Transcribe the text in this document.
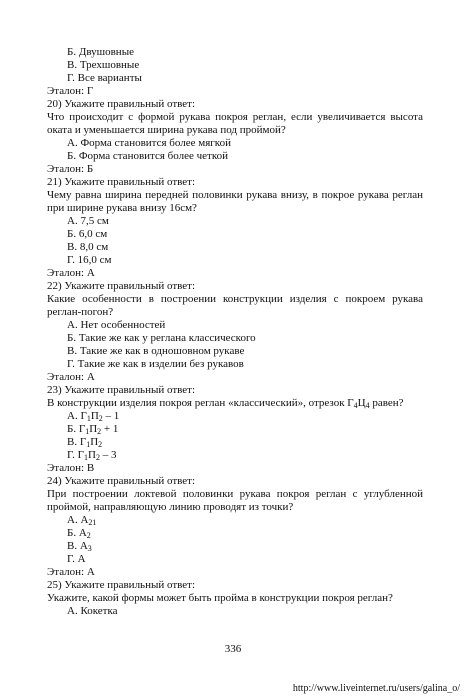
Б. Двушовные
В. Трехшовные
Г. Все варианты
Эталон: Г
20) Укажите правильный ответ:
Что происходит с формой рукава покроя реглан, если увеличивается высота оката и уменьшается ширина рукава под проймой?
А. Форма становится более мягкой
Б. Форма становится более четкой
Эталон: Б
21) Укажите правильный ответ:
Чему равна ширина передней половинки рукава внизу, в покрое рукава реглан при ширине рукава внизу 16см?
А. 7,5 см
Б. 6,0 см
В. 8,0 см
Г. 16,0 см
Эталон: А
22) Укажите правильный ответ:
Какие особенности в построении конструкции изделия с покроем рукава реглан-погон?
А. Нет особенностей
Б. Такие же как у реглана классического
В. Такие же как в одношовном рукаве
Г. Такие же как в изделии без рукавов
Эталон: А
23) Укажите правильный ответ:
В конструкции изделия покроя реглан «классический», отрезок $Г_4Ц_4$ равен?
А. $Г_1П_2 - 1$
Б. $Г_1П_2 + 1$
В. $Г_1П_2$
Г. $Г_1П_2 - 3$
Эталон: В
24) Укажите правильный ответ:
При построении локтевой половинки рукава покроя реглан с углубленной проймой, направляющую линию проводят из точки?
А. $А_{21}$
Б. $А_2$
В. $А_3$
Г. А
Эталон: А
25) Укажите правильный ответ:
Укажите, какой формы может быть пройма в конструкции покроя реглан?
А. Кокетка
336
http://www.liveinternet.ru/users/galina_o/
